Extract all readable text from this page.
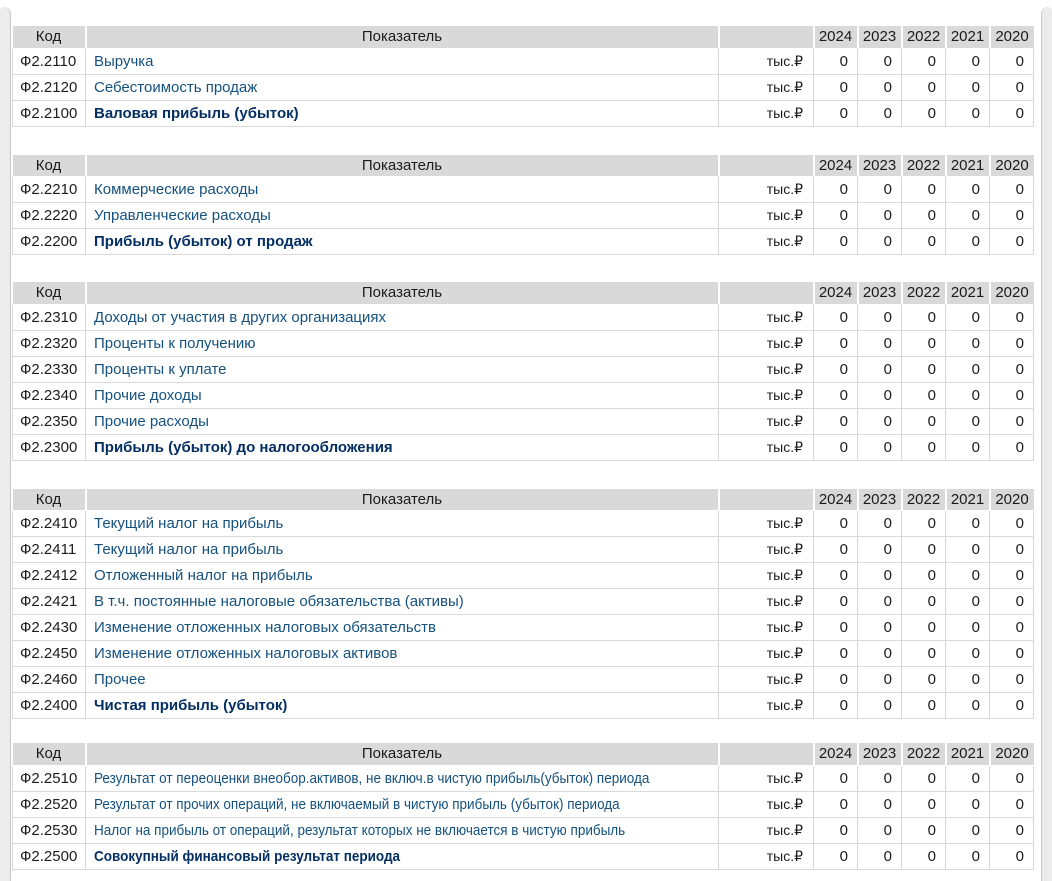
Код	Показатель		2024	2023	2022	2021	2020
Ф2.2110	Выручка	тыс.₽	0	0	0	0	0
Ф2.2120	Себестоимость продаж	тыс.₽	0	0	0	0	0
Ф2.2100	Валовая прибыль (убыток)	тыс.₽	0	0	0	0	0
Код	Показатель		2024	2023	2022	2021	2020
Ф2.2210	Коммерческие расходы	тыс.₽	0	0	0	0	0
Ф2.2220	Управленческие расходы	тыс.₽	0	0	0	0	0
Ф2.2200	Прибыль (убыток) от продаж	тыс.₽	0	0	0	0	0
Код	Показатель		2024	2023	2022	2021	2020
Ф2.2310	Доходы от участия в других организациях	тыс.₽	0	0	0	0	0
Ф2.2320	Проценты к получению	тыс.₽	0	0	0	0	0
Ф2.2330	Проценты к уплате	тыс.₽	0	0	0	0	0
Ф2.2340	Прочие доходы	тыс.₽	0	0	0	0	0
Ф2.2350	Прочие расходы	тыс.₽	0	0	0	0	0
Ф2.2300	Прибыль (убыток) до налогообложения	тыс.₽	0	0	0	0	0
Код	Показатель		2024	2023	2022	2021	2020
Ф2.2410	Текущий налог на прибыль	тыс.₽	0	0	0	0	0
Ф2.2411	Текущий налог на прибыль	тыс.₽	0	0	0	0	0
Ф2.2412	Отложенный налог на прибыль	тыс.₽	0	0	0	0	0
Ф2.2421	В т.ч. постоянные налоговые обязательства (активы)	тыс.₽	0	0	0	0	0
Ф2.2430	Изменение отложенных налоговых обязательств	тыс.₽	0	0	0	0	0
Ф2.2450	Изменение отложенных налоговых активов	тыс.₽	0	0	0	0	0
Ф2.2460	Прочее	тыс.₽	0	0	0	0	0
Ф2.2400	Чистая прибыль (убыток)	тыс.₽	0	0	0	0	0
Код	Показатель		2024	2023	2022	2021	2020
Ф2.2510	Результат от переоценки внеобор.активов, не включ.в чистую прибыль(убыток) периода	тыс.₽	0	0	0	0	0
Ф2.2520	Результат от прочих операций, не включаемый в чистую прибыль (убыток) периода	тыс.₽	0	0	0	0	0
Ф2.2530	Налог на прибыль от операций, результат которых не включается в чистую прибыль	тыс.₽	0	0	0	0	0
Ф2.2500	Совокупный финансовый результат периода	тыс.₽	0	0	0	0	0
